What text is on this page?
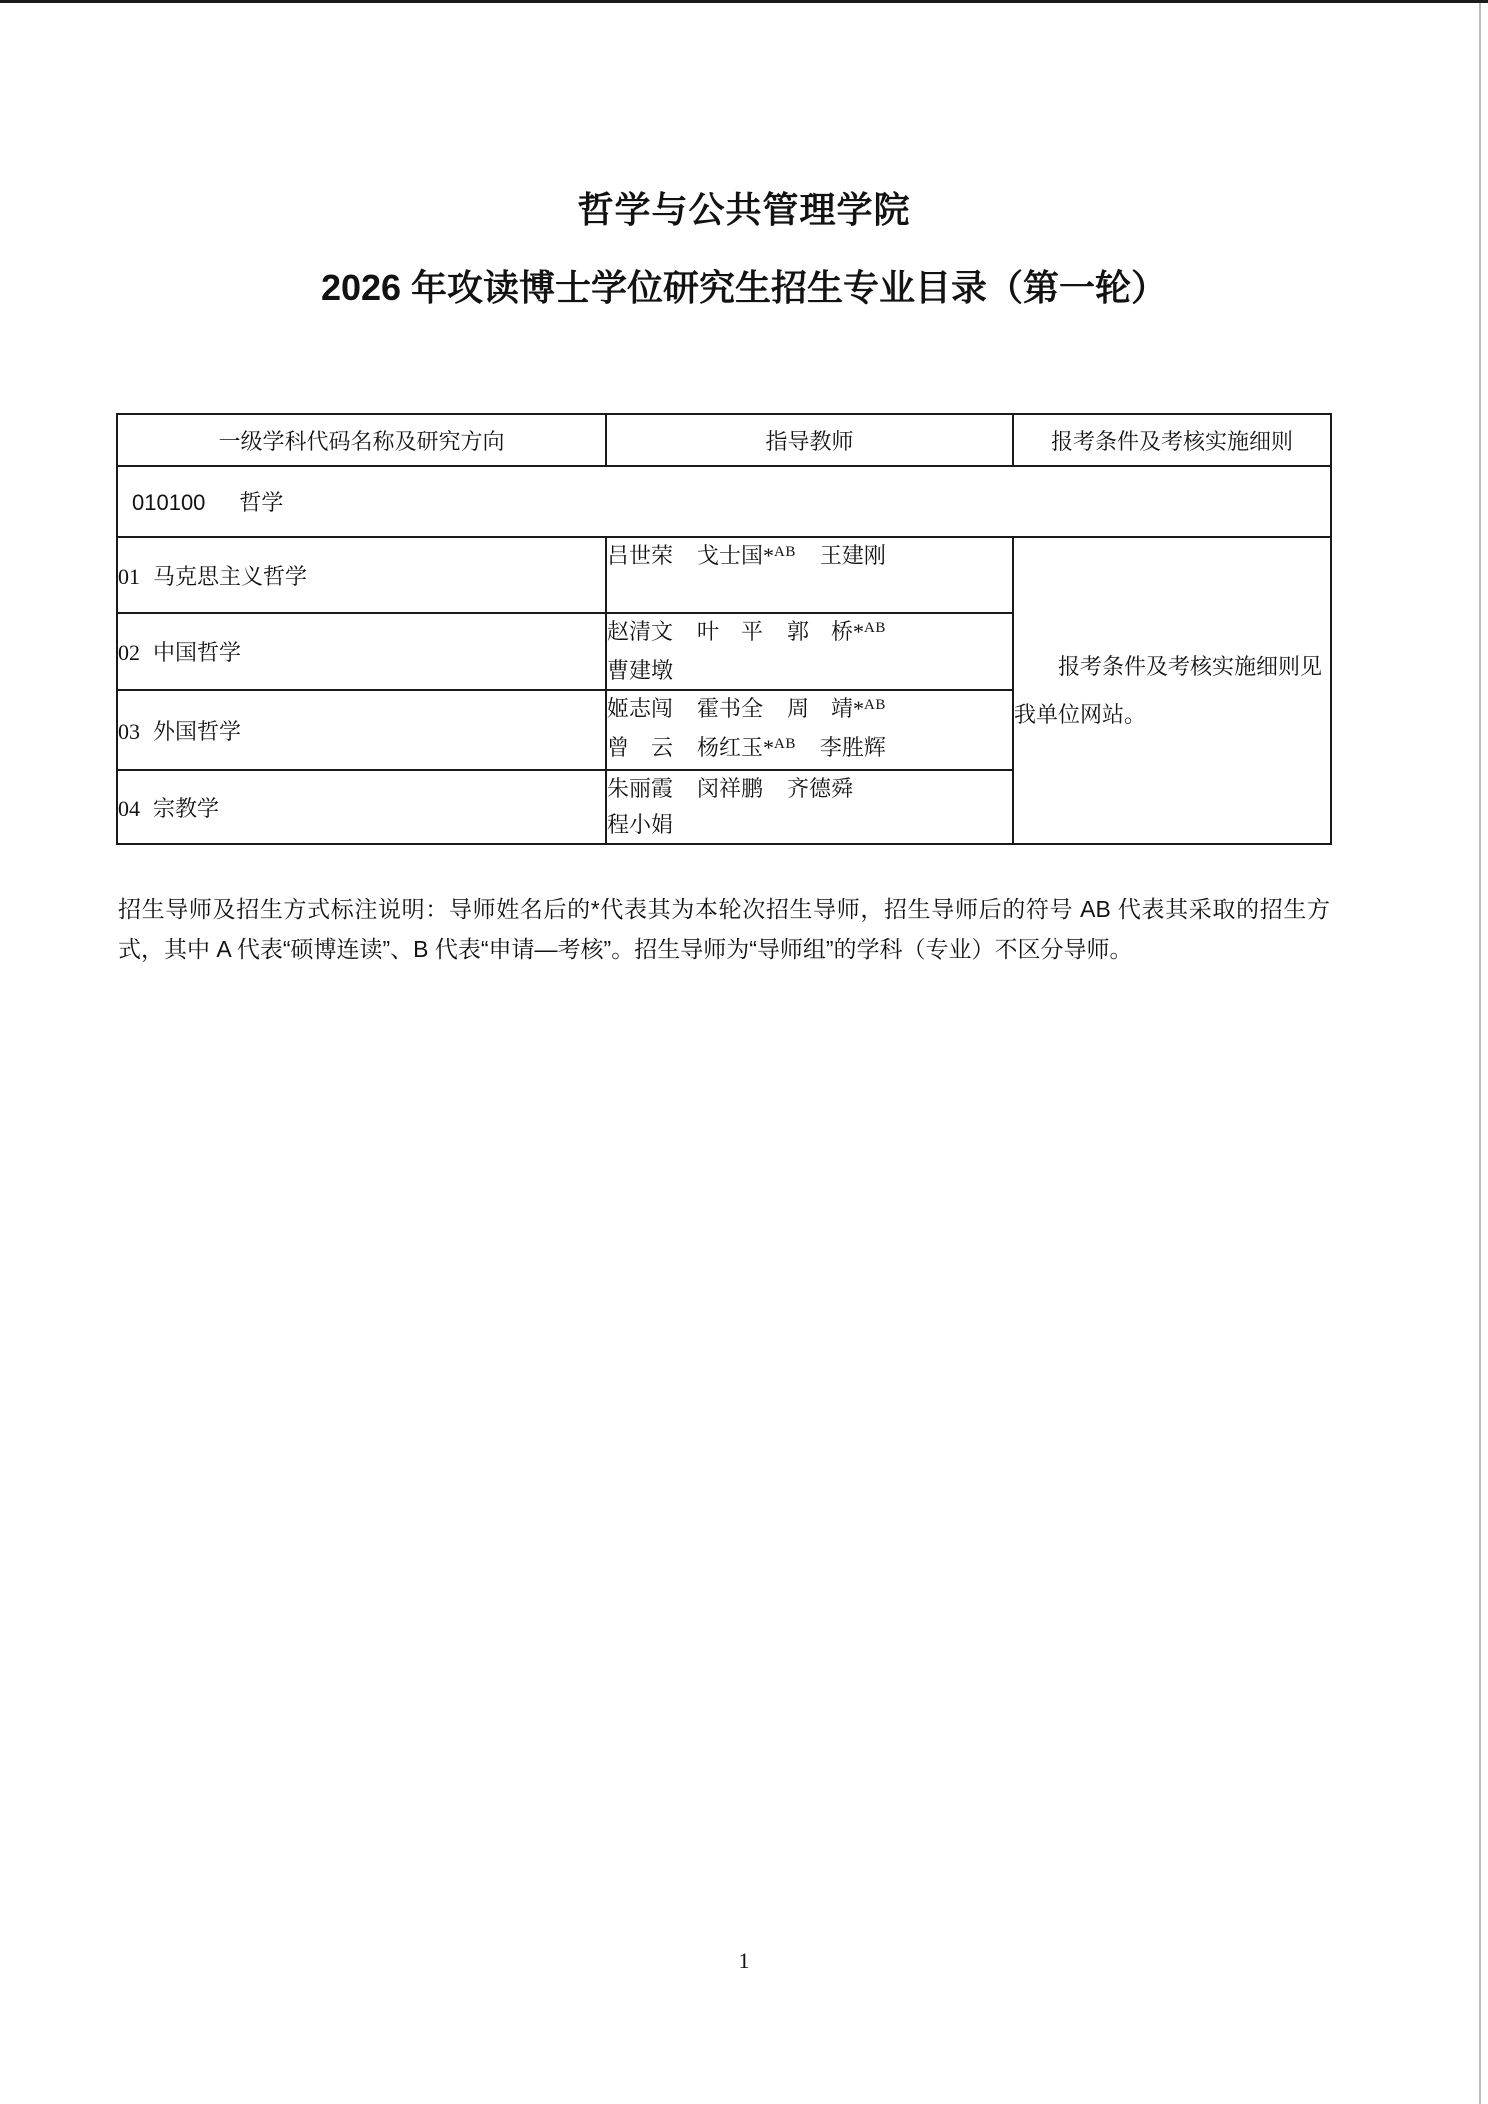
哲学与公共管理学院
2026 年攻读博士学位研究生招生专业目录（第一轮）
一级学科代码名称及研究方向	指导教师	报考条件及考核实施细则
010100 哲学		
01 马克思主义哲学	吕世荣 戈士国*$^{AB}$ 王建刚	报考条件及考核实施细则见我单位网站。

02 中国哲学	赵清文 叶　平 郭　桥*$^{AB}$
曹建墩	

03 外国哲学	姬志闯 霍书全 周　靖*$^{AB}$
曾　云 杨红玉*$^{AB}$ 李胜辉	

04 宗教学	朱丽霞 闵祥鹏 齐德舜
程小娟	

招生导师及招生方式标注说明：导师姓名后的*代表其为本轮次招生导师，招生导师后的符号 AB 代表其采取的招生方式，其中 A 代表“硕博连读”、B 代表“申请—考核”。招生导师为“导师组”的学科（专业）不区分导师。

1
